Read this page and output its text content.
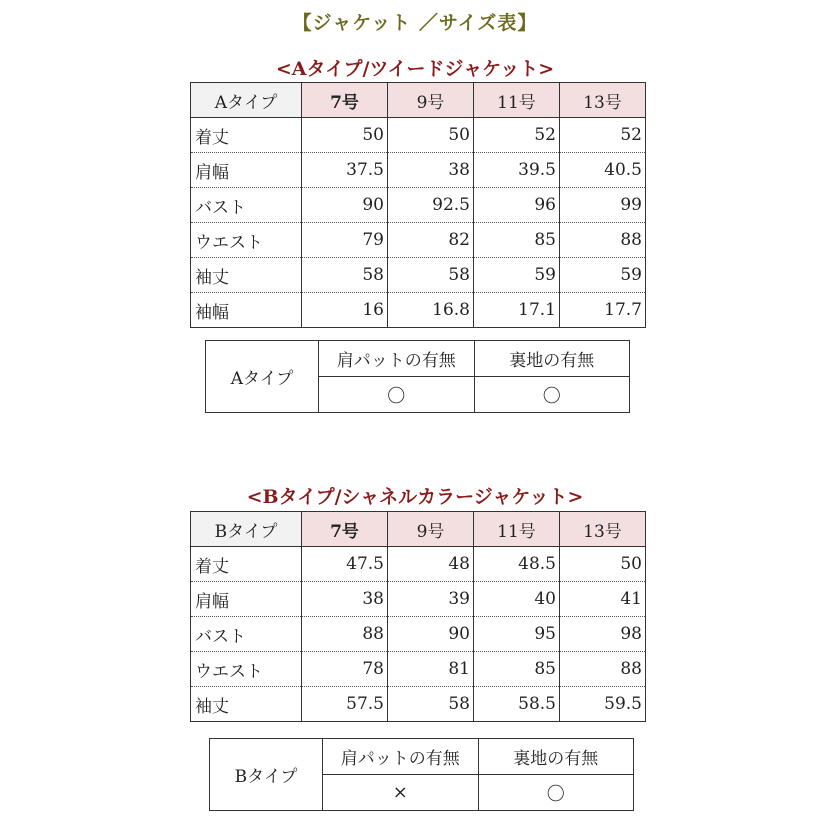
【ジャケット ／サイズ表】
<Aタイプ/ツイードジャケット>
Aタイプ	7号	9号	11号	13号
着丈	50	50	52	52
肩幅	37.5	38	39.5	40.5
バスト	90	92.5	96	99
ウエスト	79	82	85	88
袖丈	58	58	59	59
袖幅	16	16.8	17.1	17.7
Aタイプ	肩パットの有無	裏地の有無
	〇	〇
<Bタイプ/シャネルカラージャケット>
Bタイプ	7号	9号	11号	13号
着丈	47.5	48	48.5	50
肩幅	38	39	40	41
バスト	88	90	95	98
ウエスト	78	81	85	88
袖丈	57.5	58	58.5	59.5
Bタイプ	肩パットの有無	裏地の有無
	×	〇
